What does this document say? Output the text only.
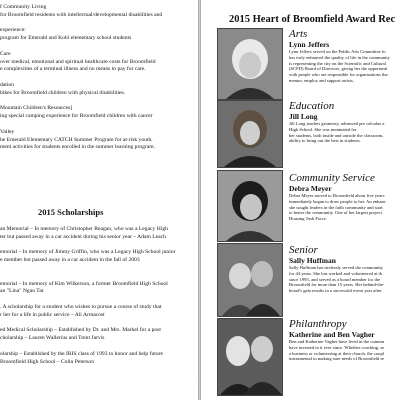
f Community Living
for Broomfield residents with intellectual/developmental disabilities and
experience:
program for Emerald and Kohl elementary school students
Care
over medical, emotional and spiritual healthcare costs for Broomfield
e complexities of a terminal illness and no means to pay for care.
dation
bikes for Broomfield children with physical disabilities.
Mountain Children's Resources]
ing special camping experience for Broomfield children with cancer
Valley
he Emerald Elementary CATCH Summer Program for at-risk youth.
ment activities for students enrolled in the summer learning program.
2015 Scholarships
an Memorial – In memory of Christopher Reagan, who was a Legacy High
ter but passed away in a car accident during his senior year – Adam Leach
emorial – In memory of Jimmy Griffin, who was a Legacy High School junior
e member but passed away in a car accident in the fall of 2003
emorial – In memory of Kim Wilkerson, a former Broomfield High School
an "Lina" Ngan Tat
. A scholarship for a student who wishes to pursue a course of study that
r her for a life in public service – Ali Armacost
ed Medical Scholarship – Established by Dr. and Mrs. Markel for a post
cholarship – Lauren Wallerius and Trent Jarvis
olarship – Established by the IRIS class of 1993 to honor and help future
Broomfield High School – Colin Peterson
2015 Heart of Broomfield Award Rec
Arts
Lynn Jeffers
Lynn Jeffers served on the Public Arts Committee fo
has truly enhanced the quality of life in the community
is representing the city on the Scientific and Cultural
(SCFD) Board of Directors, giving her the opportunit
with people who are responsible for organizations tha
mentor, employ and support artists.
Education
Jill Long
Jill Long teaches geometry, advanced pre calculus a
High School. She was nominated for
her students, both inside and outside the classroom,
ability to bring out the best in students.
Community Service
Debra Meyer
Debra Meyer moved to Broomfield about five years
immediately began to draw people to her. An enhanc
she sought leaders in the faith community and start
to better the community. One of her largest project
Housing Task Force.
Senior
Sally Huffman
Sally Huffman has tirelessly served the community
for 44 years. She has worked and volunteered at th
since 1995, and served as a board member for the
Broomfield for more than 15 years. Her behind-the-
board's gala results in a successful event year after
Philanthropy
Katherine and Ben Vagher
Ben and Katherine Vagher have lived in the commu
have invested in it ever since. Whether coaching, se
a business or volunteering at their church, the coupl
instrumental in making sure needs of Broomfield re
